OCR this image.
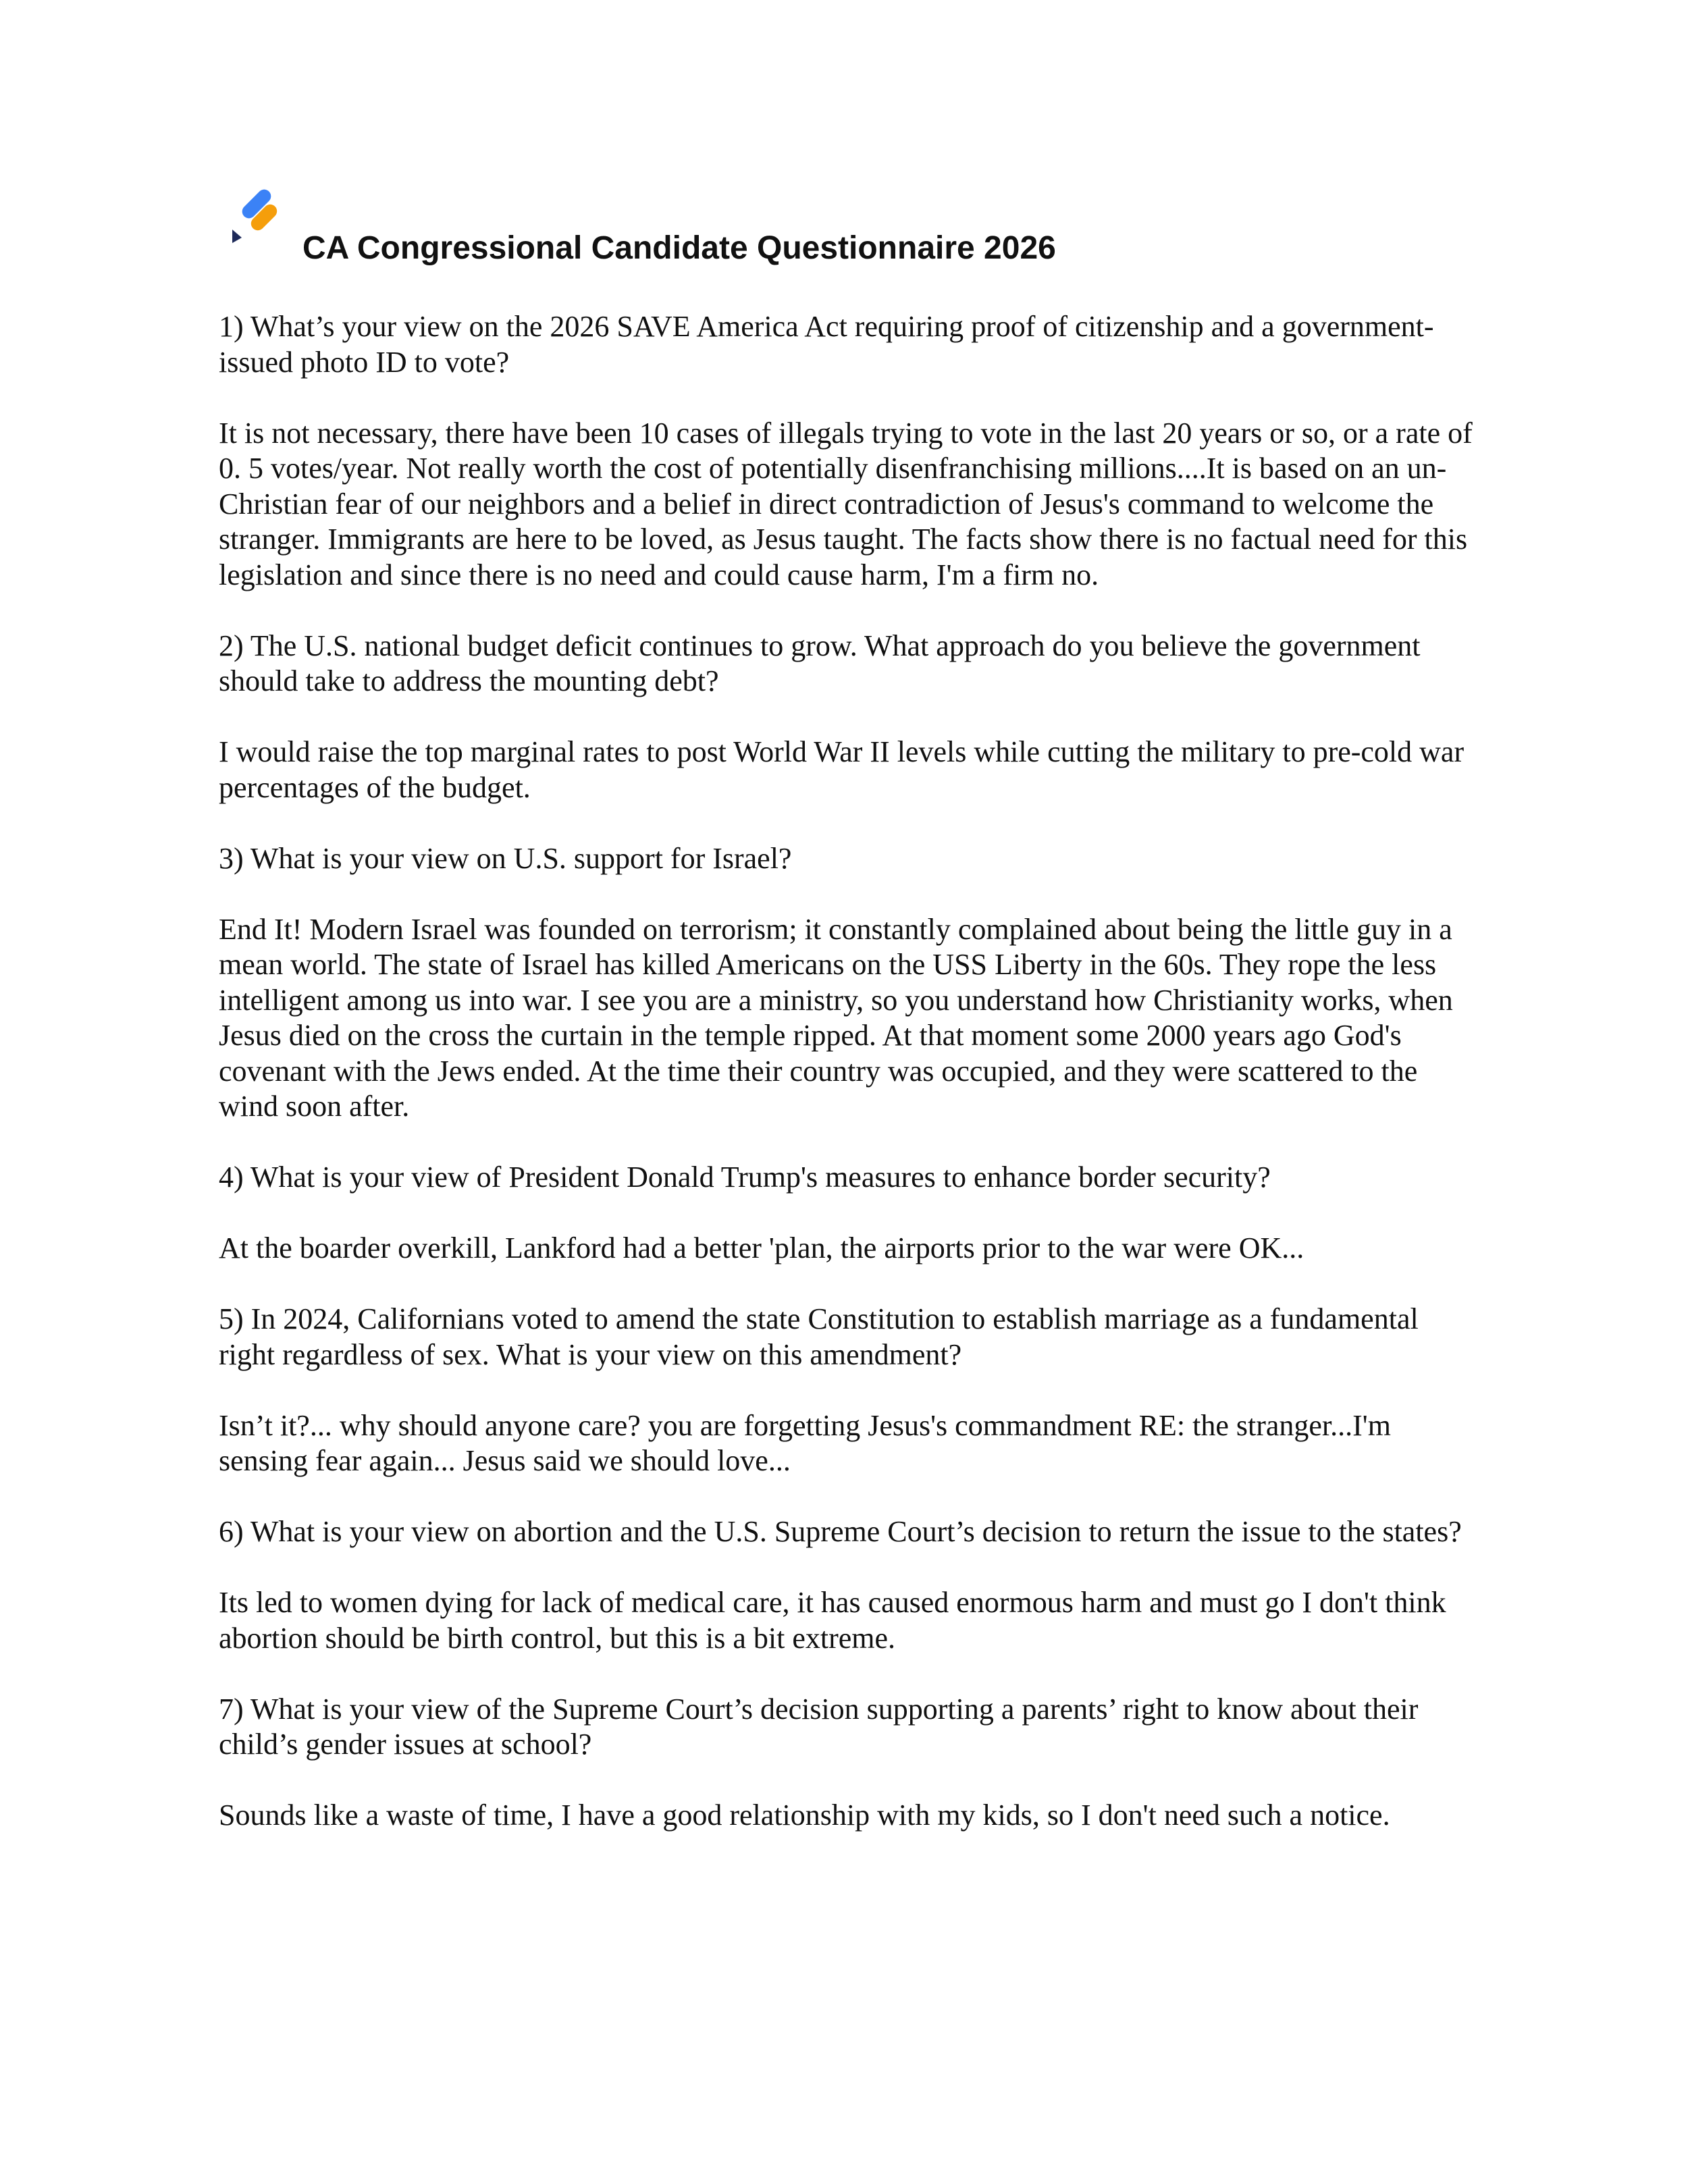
CA Congressional Candidate Questionnaire 2026

1) What’s your view on the 2026 SAVE America Act requiring proof of citizenship and a government-issued photo ID to vote?

It is not necessary, there have been 10 cases of illegals trying to vote in the last 20 years or so, or a rate of 0. 5 votes/year. Not really worth the cost of potentially disenfranchising millions....It is based on an un-Christian fear of our neighbors and a belief in direct contradiction of Jesus's command to welcome the stranger. Immigrants are here to be loved, as Jesus taught. The facts show there is no factual need for this legislation and since there is no need and could cause harm, I'm a firm no.

2) The U.S. national budget deficit continues to grow. What approach do you believe the government should take to address the mounting debt?

I would raise the top marginal rates to post World War II levels while cutting the military to pre-cold war percentages of the budget.

3) What is your view on U.S. support for Israel?

End It! Modern Israel was founded on terrorism; it constantly complained about being the little guy in a mean world. The state of Israel has killed Americans on the USS Liberty in the 60s. They rope the less intelligent among us into war. I see you are a ministry, so you understand how Christianity works, when Jesus died on the cross the curtain in the temple ripped. At that moment some 2000 years ago God's covenant with the Jews ended. At the time their country was occupied, and they were scattered to the wind soon after.

4) What is your view of President Donald Trump's measures to enhance border security?

At the boarder overkill, Lankford had a better 'plan, the airports prior to the war were OK...

5) In 2024, Californians voted to amend the state Constitution to establish marriage as a fundamental right regardless of sex. What is your view on this amendment?

Isn’t it?... why should anyone care? you are forgetting Jesus's commandment RE: the stranger...I'm sensing fear again... Jesus said we should love...

6) What is your view on abortion and the U.S. Supreme Court’s decision to return the issue to the states?

Its led to women dying for lack of medical care, it has caused enormous harm and must go I don't think abortion should be birth control, but this is a bit extreme.

7) What is your view of the Supreme Court’s decision supporting a parents’ right to know about their child’s gender issues at school?

Sounds like a waste of time, I have a good relationship with my kids, so I don't need such a notice.
